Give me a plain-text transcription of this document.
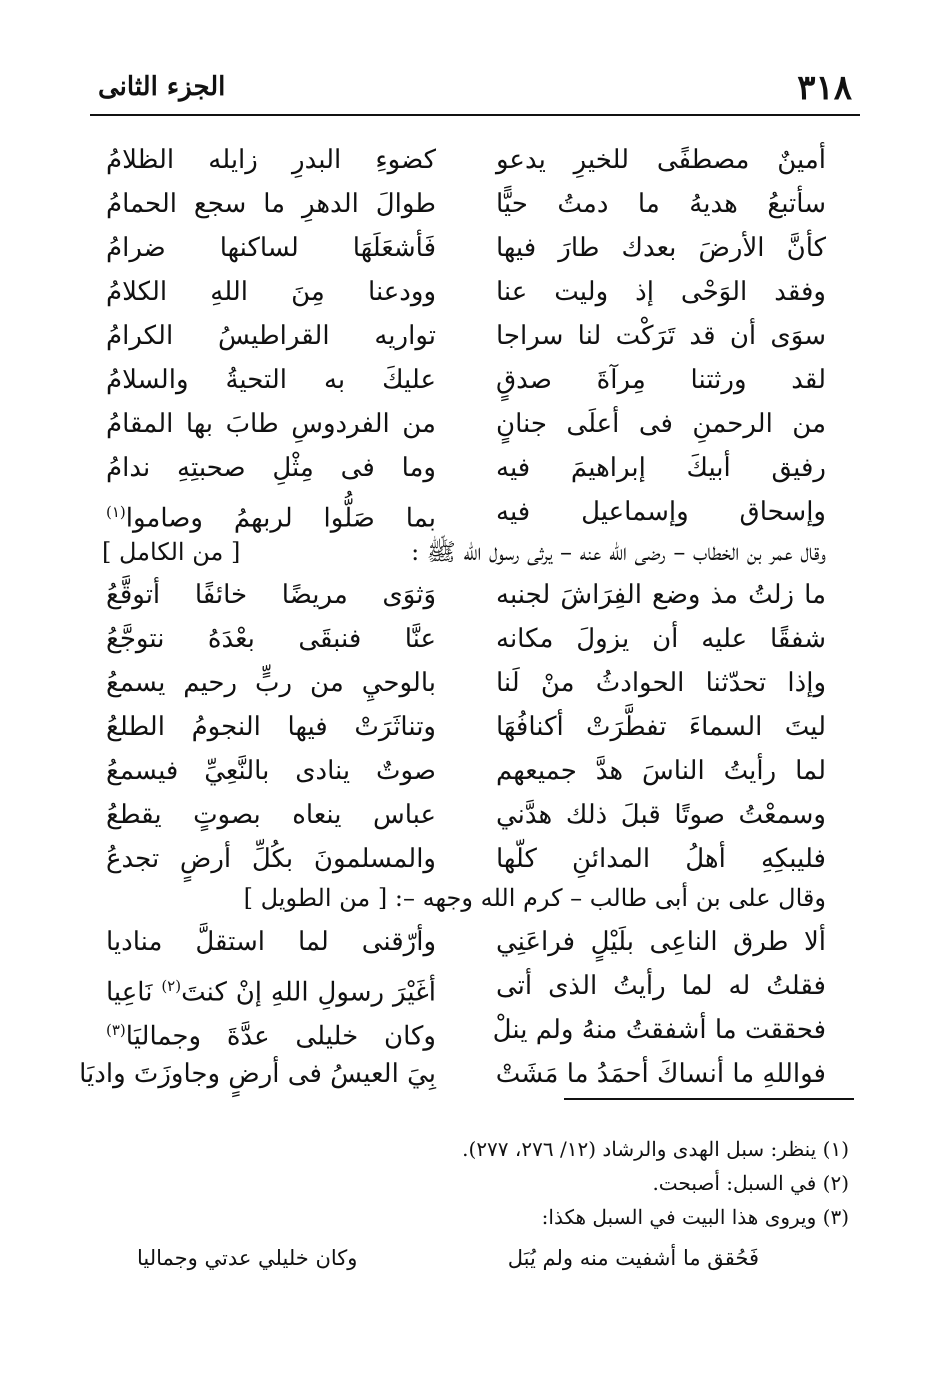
٣١٨
الجزء الثانى
أمينٌ مصطفًى للخيرِ يدعو
كضوءِ البدرِ زايله الظلامُ
سأتبعُ هديهُ ما دمتُ حيًّا
طوالَ الدهرِ ما سجع الحمامُ
كأنَّ الأرضَ بعدك طارَ فيها
فَأشعَلَهَا لساكنها ضرامُ
وفقد الوَحْى إذ وليت عنا
وودعنا مِنَ اللهِ الكلامُ
سوَى أن قد تَرَكْت لنا سراجا
تواريه القراطيسُ الكرامُ
لقد ورثتنا مِرآةَ صدقٍ
عليكَ به التحيةُ والسلامُ
من الرحمنِ فى أعلَى جنانٍ
من الفردوسِ طابَ بها المقامُ
رفيق أبيكَ إبراهيمَ فيه
وما فى مِثْلِ صحبتِهِ ندامُ
وإسحاق وإسماعيل فيه
بما صَلُّوا لربهمُ وصاموا$^{(١)}$
وقال عمر بن الخطاب – رضى الله عنه – يرثى رسول الله ﷺ :
[ من الكامل ]
ما زلتُ مذ وضع الفِرَاشَ لجنبه
وَثوَى مريضًا خائفًا أتوقَّعُ
شفقًا عليه أن يزولَ مكانه
عنَّا فنبقَى بعْدَهُ نتوجَّعُ
وإذا تحدّثنا الحوادثُ منْ لَنا
بالوحيِ من ربٍّ رحيم يسمعُ
ليتَ السماءَ تفطَّرَتْ أكنافُهَا
وتناثَرَتْ فيها النجومُ الطلعُ
لما رأيتُ الناسَ هدَّ جميعهم
صوتٌ ينادى بالنَّعِيِّ فيسمعُ
وسمعْتُ صوتًا قبلَ ذلك هدَّني
عباس ينعاه بصوتٍ يقطعُ
فليبكِهِ أهلُ المدائنِ كلّها
والمسلمونَ بكُلِّ أرضٍ تجدعُ
وقال على بن أبى طالب – كرم الله وجهه –: [ من الطويل ]
ألا طرق الناعِى بلَيْلٍ فراعَنِي
وأرّقنى لما استقلَّ مناديا
فقلتُ له لما رأيتُ الذى أتى
أغَيْرَ رسولِ اللهِ إنْ كنتَ$^{(٢)}$ نَاعِيا
فحققت ما أشفقتُ منهُ ولم ينلْ
وكان خليلى عدَّةَ وجماليَا$^{(٣)}$
فواللهِ ما أنساكَ أحمَدُ ما مَشَتْ
بِيَ العيسُ فى أرضٍ وجاوزَتَ واديَا
(١) ينظر: سبل الهدى والرشاد (١٢/ ٢٧٦، ٢٧٧).
(٢) في السبل: أصبحت.
(٣) ويروى هذا البيت في السبل هكذا:
فَحُقق ما أشفيت منه ولم يُبَل
وكان خليلي عدتي وجماليا
